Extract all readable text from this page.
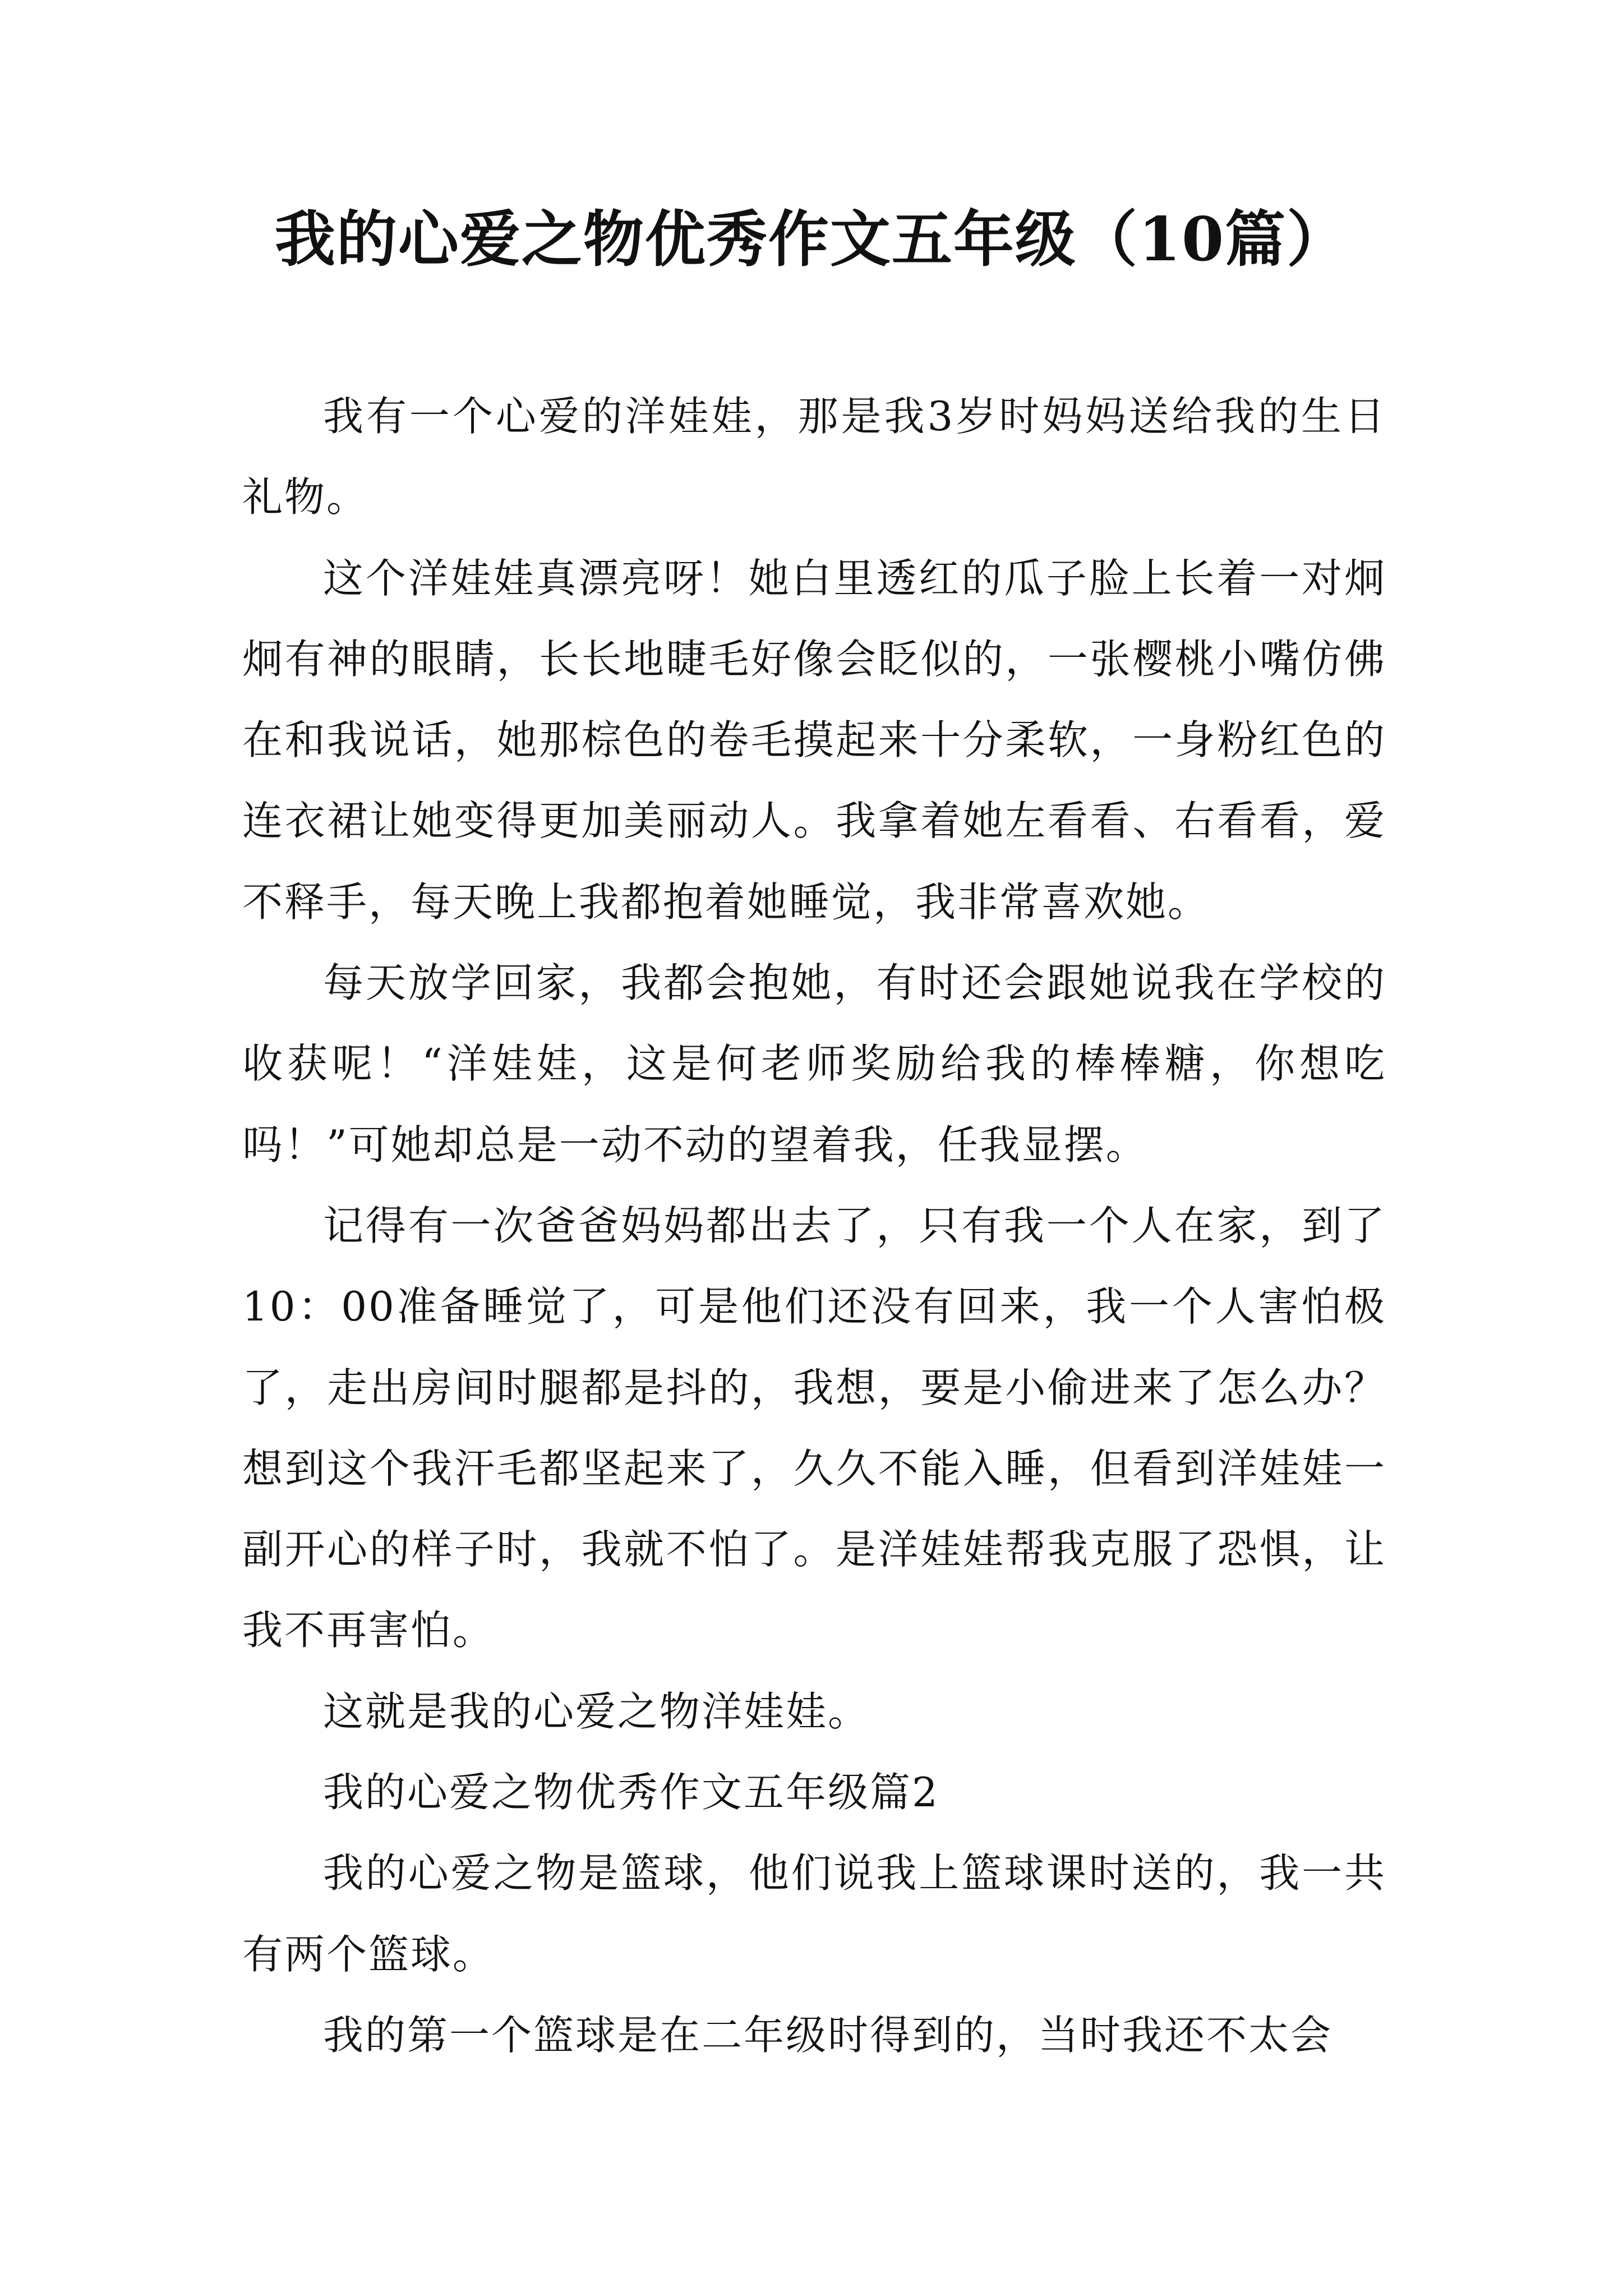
我的心爱之物优秀作文五年级（10篇）

我有一个心爱的洋娃娃，那是我3岁时妈妈送给我的生日礼物。

这个洋娃娃真漂亮呀！她白里透红的瓜子脸上长着一对炯炯有神的眼睛，长长地睫毛好像会眨似的，一张樱桃小嘴仿佛在和我说话，她那棕色的卷毛摸起来十分柔软，一身粉红色的连衣裙让她变得更加美丽动人。我拿着她左看看、右看看，爱不释手，每天晚上我都抱着她睡觉，我非常喜欢她。

每天放学回家，我都会抱她，有时还会跟她说我在学校的收获呢！“洋娃娃，这是何老师奖励给我的棒棒糖，你想吃吗！”可她却总是一动不动的望着我，任我显摆。

记得有一次爸爸妈妈都出去了，只有我一个人在家，到了10：00准备睡觉了，可是他们还没有回来，我一个人害怕极了，走出房间时腿都是抖的，我想，要是小偷进来了怎么办？想到这个我汗毛都坚起来了，久久不能入睡，但看到洋娃娃一副开心的样子时，我就不怕了。是洋娃娃帮我克服了恐惧，让我不再害怕。

这就是我的心爱之物洋娃娃。

我的心爱之物优秀作文五年级篇2

我的心爱之物是篮球，他们说我上篮球课时送的，我一共有两个篮球。

我的第一个篮球是在二年级时得到的，当时我还不太会
